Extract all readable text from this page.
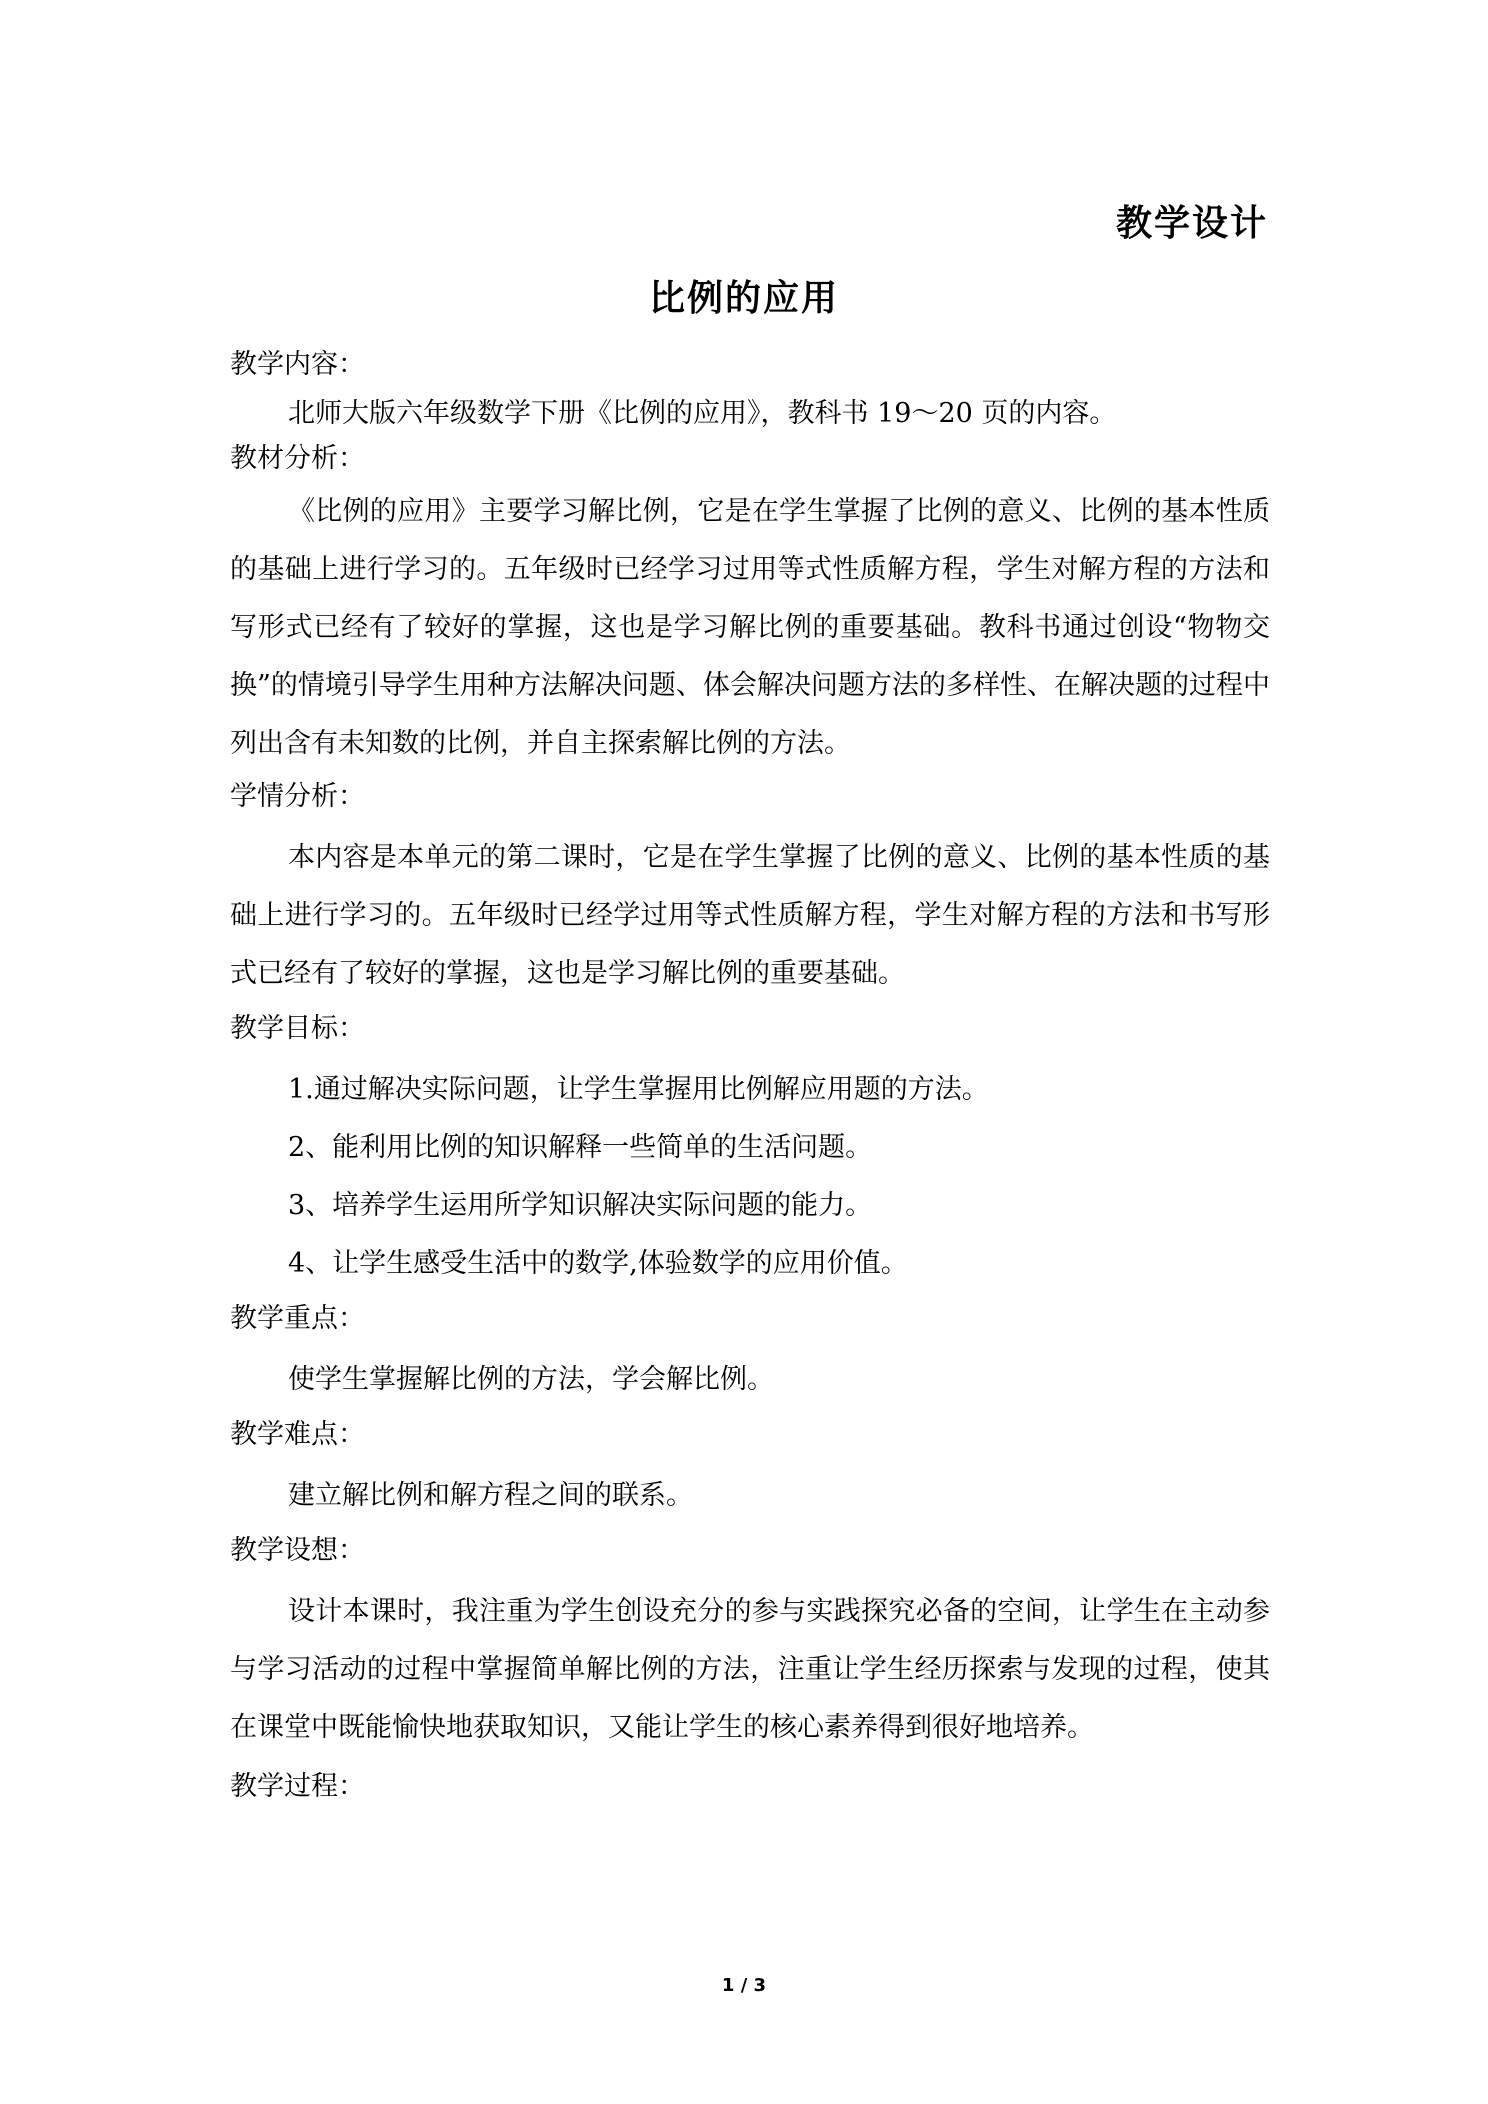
教学设计
比例的应用

教学内容：

北师大版六年级数学下册《比例的应用》，教科书 19～20 页的内容。

教材分析：

《比例的应用》主要学习解比例，它是在学生掌握了比例的意义、比例的基本性质的基础上进行学习的。五年级时已经学习过用等式性质解方程，学生对解方程的方法和写形式已经有了较好的掌握，这也是学习解比例的重要基础。教科书通过创设“物物交换”的情境引导学生用种方法解决问题、体会解决问题方法的多样性、在解决题的过程中列出含有未知数的比例，并自主探索解比例的方法。

学情分析：

本内容是本单元的第二课时，它是在学生掌握了比例的意义、比例的基本性质的基础上进行学习的。五年级时已经学过用等式性质解方程，学生对解方程的方法和书写形式已经有了较好的掌握，这也是学习解比例的重要基础。

教学目标：

1.通过解决实际问题，让学生掌握用比例解应用题的方法。

2、能利用比例的知识解释一些简单的生活问题。

3、培养学生运用所学知识解决实际问题的能力。

4、让学生感受生活中的数学,体验数学的应用价值。

教学重点：

使学生掌握解比例的方法，学会解比例。

教学难点：

建立解比例和解方程之间的联系。

教学设想：

设计本课时，我注重为学生创设充分的参与实践探究必备的空间，让学生在主动参与学习活动的过程中掌握简单解比例的方法，注重让学生经历探索与发现的过程，使其在课堂中既能愉快地获取知识，又能让学生的核心素养得到很好地培养。

教学过程：

1 / 3
